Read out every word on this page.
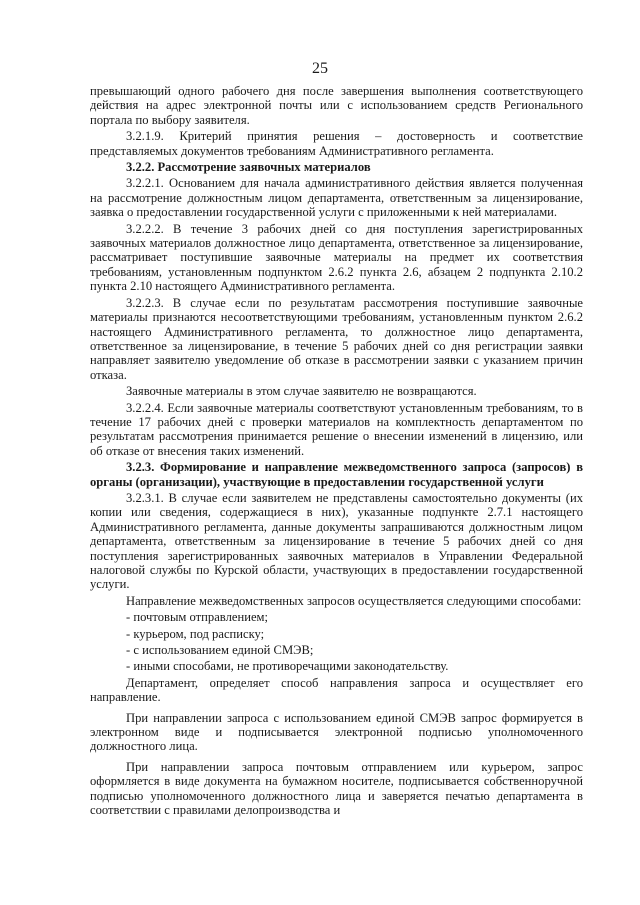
25

превышающий одного рабочего дня после завершения выполнения соответствующего действия на адрес электронной почты или с использованием средств Регионального портала по выбору заявителя.

3.2.1.9. Критерий принятия решения – достоверность и соответствие представляемых документов требованиям Административного регламента.

3.2.2. Рассмотрение заявочных материалов

3.2.2.1. Основанием для начала административного действия является полученная на рассмотрение должностным лицом департамента, ответственным за лицензирование, заявка о предоставлении государственной услуги с приложенными к ней материалами.

3.2.2.2. В течение 3 рабочих дней со дня поступления зарегистрированных заявочных материалов должностное лицо департамента, ответственное за лицензирование, рассматривает поступившие заявочные материалы на предмет их соответствия требованиям, установленным подпунктом 2.6.2 пункта 2.6, абзацем 2 подпункта 2.10.2 пункта 2.10 настоящего Административного регламента.

3.2.2.3. В случае если по результатам рассмотрения поступившие заявочные материалы признаются несоответствующими требованиям, установленным пунктом 2.6.2 настоящего Административного регламента, то должностное лицо департамента, ответственное за лицензирование, в течение 5 рабочих дней со дня регистрации заявки направляет заявителю уведомление об отказе в рассмотрении заявки с указанием причин отказа.

Заявочные материалы в этом случае заявителю не возвращаются.

3.2.2.4. Если заявочные материалы соответствуют установленным требованиям, то в течение 17 рабочих дней с проверки материалов на комплектность департаментом по результатам рассмотрения принимается решение о внесении изменений в лицензию, или об отказе от внесения таких изменений.

3.2.3. Формирование и направление межведомственного запроса (запросов) в органы (организации), участвующие в предоставлении государственной услуги

3.2.3.1. В случае если заявителем не представлены самостоятельно документы (их копии или сведения, содержащиеся в них), указанные подпункте 2.7.1 настоящего Административного регламента, данные документы запрашиваются должностным лицом департамента, ответственным за лицензирование в течение 5 рабочих дней со дня поступления зарегистрированных заявочных материалов в Управлении Федеральной налоговой службы по Курской области, участвующих в предоставлении государственной услуги.

Направление межведомственных запросов осуществляется следующими способами:

- почтовым отправлением;
- курьером, под расписку;
- с использованием единой СМЭВ;
- иными способами, не противоречащими законодательству.

Департамент, определяет способ направления запроса и осуществляет его направление.

При направлении запроса с использованием единой СМЭВ запрос формируется в электронном виде и подписывается электронной подписью уполномоченного должностного лица.

При направлении запроса почтовым отправлением или курьером, запрос оформляется в виде документа на бумажном носителе, подписывается собственноручной подписью уполномоченного должностного лица и заверяется печатью департамента в соответствии с правилами делопроизводства и
